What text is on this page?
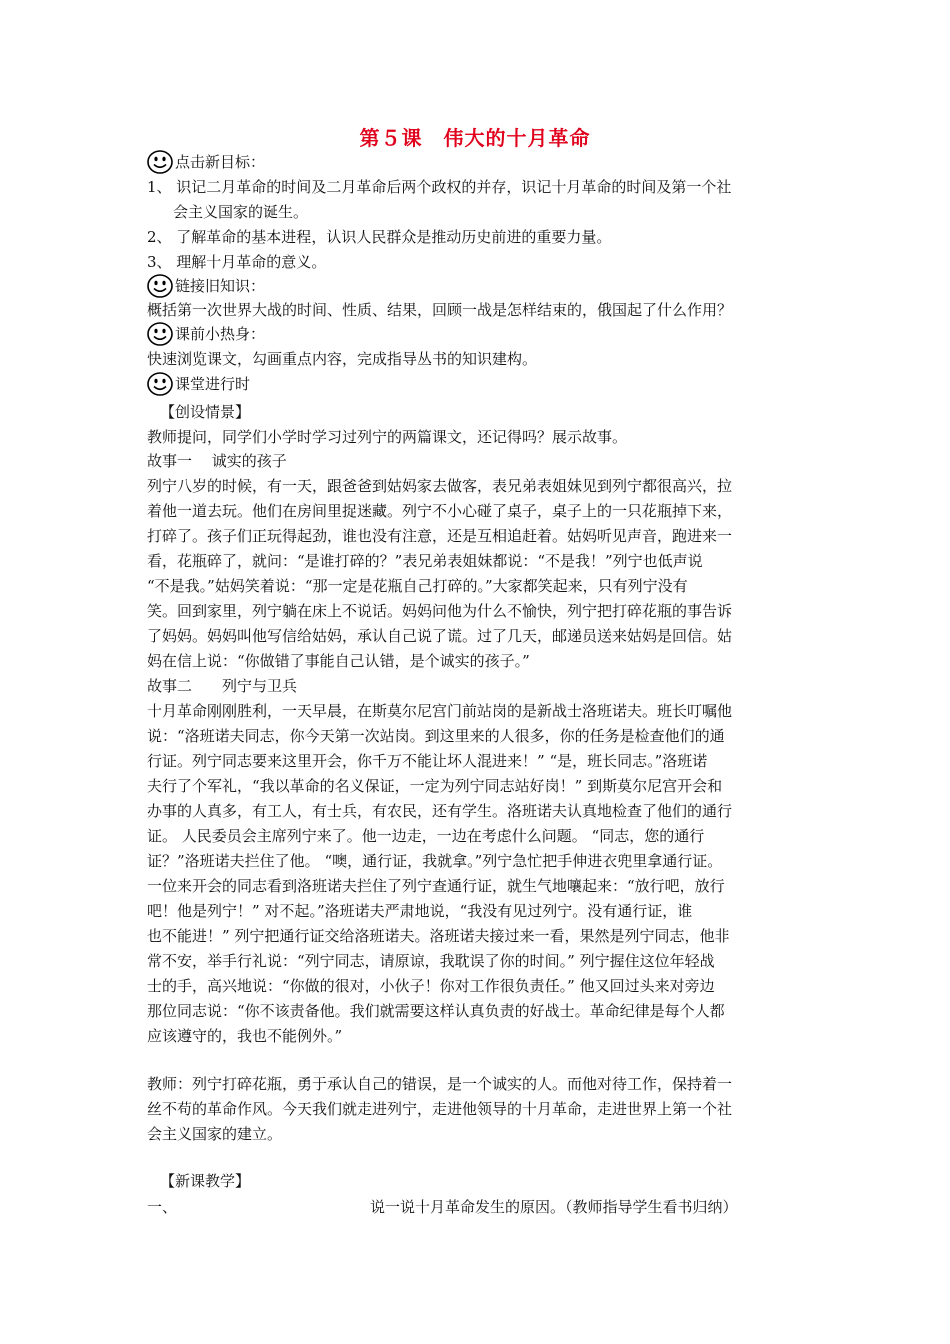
第５课　伟大的十月革命
点击新目标：
1、 识记二月革命的时间及二月革命后两个政权的并存，识记十月革命的时间及第一个社
会主义国家的诞生。
2、 了解革命的基本进程，认识人民群众是推动历史前进的重要力量。
3、 理解十月革命的意义。
链接旧知识：
概括第一次世界大战的时间、性质、结果，回顾一战是怎样结束的，俄国起了什么作用？
课前小热身：
快速浏览课文，勾画重点内容，完成指导丛书的知识建构。
课堂进行时
【创设情景】
教师提问，同学们小学时学习过列宁的两篇课文，还记得吗？展示故事。
故事一　 诚实的孩子
列宁八岁的时候，有一天，跟爸爸到姑妈家去做客，表兄弟表姐妹见到列宁都很高兴，拉
着他一道去玩。他们在房间里捉迷藏。列宁不小心碰了桌子，桌子上的一只花瓶掉下来，
打碎了。孩子们正玩得起劲，谁也没有注意，还是互相追赶着。姑妈听见声音，跑进来一
看，花瓶碎了，就问：“是谁打碎的？”表兄弟表姐妹都说：“不是我！”列宁也低声说
“不是我。”姑妈笑着说：“那一定是花瓶自己打碎的。”大家都笑起来，只有列宁没有
笑。回到家里，列宁躺在床上不说话。妈妈问他为什么不愉快，列宁把打碎花瓶的事告诉
了妈妈。妈妈叫他写信给姑妈，承认自己说了谎。过了几天，邮递员送来姑妈是回信。姑
妈在信上说：“你做错了事能自己认错，是个诚实的孩子。”
故事二　　列宁与卫兵
十月革命刚刚胜利，一天早晨，在斯莫尔尼宫门前站岗的是新战士洛班诺夫。班长叮嘱他
说：“洛班诺夫同志，你今天第一次站岗。到这里来的人很多，你的任务是检查他们的通
行证。列宁同志要来这里开会，你千万不能让坏人混进来！” “是，班长同志。”洛班诺
夫行了个军礼，“我以革命的名义保证，一定为列宁同志站好岗！” 到斯莫尔尼宫开会和
办事的人真多，有工人，有士兵，有农民，还有学生。洛班诺夫认真地检查了他们的通行
证。 人民委员会主席列宁来了。他一边走，一边在考虑什么问题。 “同志，您的通行
证？”洛班诺夫拦住了他。 “噢，通行证，我就拿。”列宁急忙把手伸进衣兜里拿通行证。
一位来开会的同志看到洛班诺夫拦住了列宁查通行证，就生气地嚷起来：“放行吧，放行
吧！他是列宁！” 对不起。”洛班诺夫严肃地说，“我没有见过列宁。没有通行证，谁
也不能进！” 列宁把通行证交给洛班诺夫。洛班诺夫接过来一看，果然是列宁同志，他非
常不安，举手行礼说：“列宁同志，请原谅，我耽误了你的时间。” 列宁握住这位年轻战
士的手，高兴地说：“你做的很对，小伙子！你对工作很负责任。” 他又回过头来对旁边
那位同志说：“你不该责备他。我们就需要这样认真负责的好战士。革命纪律是每个人都
应该遵守的，我也不能例外。”
教师：列宁打碎花瓶，勇于承认自己的错误，是一个诚实的人。而他对待工作，保持着一
丝不苟的革命作风。今天我们就走进列宁，走进他领导的十月革命，走进世界上第一个社
会主义国家的建立。
【新课教学】
一、	说一说十月革命发生的原因。（教师指导学生看书归纳）
